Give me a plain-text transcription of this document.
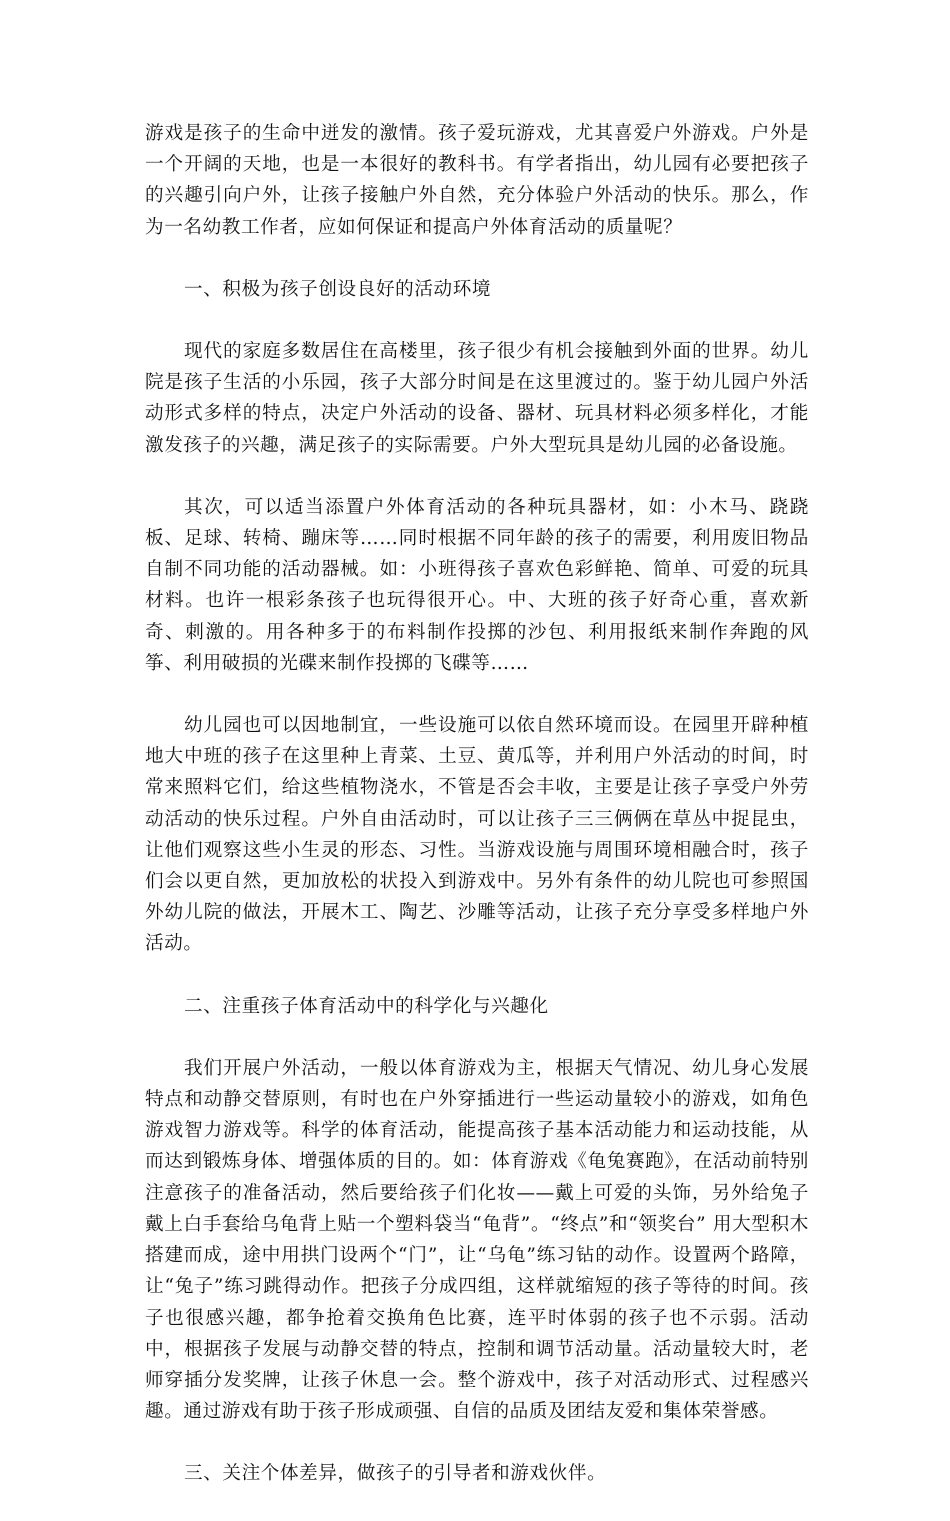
游戏是孩子的生命中迸发的激情。孩子爱玩游戏，尤其喜爱户外游戏。户外是一个开阔的天地，也是一本很好的教科书。有学者指出，幼儿园有必要把孩子的兴趣引向户外，让孩子接触户外自然，充分体验户外活动的快乐。那么，作为一名幼教工作者，应如何保证和提高户外体育活动的质量呢？

一、积极为孩子创设良好的活动环境

现代的家庭多数居住在高楼里，孩子很少有机会接触到外面的世界。幼儿院是孩子生活的小乐园，孩子大部分时间是在这里渡过的。鉴于幼儿园户外活动形式多样的特点，决定户外活动的设备、器材、玩具材料必须多样化，才能激发孩子的兴趣，满足孩子的实际需要。户外大型玩具是幼儿园的必备设施。

其次，可以适当添置户外体育活动的各种玩具器材，如：小木马、跷跷板、足球、转椅、蹦床等……同时根据不同年龄的孩子的需要，利用废旧物品自制不同功能的活动器械。如：小班得孩子喜欢色彩鲜艳、简单、可爱的玩具材料。也许一根彩条孩子也玩得很开心。中、大班的孩子好奇心重，喜欢新奇、刺激的。用各种多于的布料制作投掷的沙包、利用报纸来制作奔跑的风筝、利用破损的光碟来制作投掷的飞碟等……

幼儿园也可以因地制宜，一些设施可以依自然环境而设。在园里开辟种植地大中班的孩子在这里种上青菜、土豆、黄瓜等，并利用户外活动的时间，时常来照料它们，给这些植物浇水，不管是否会丰收，主要是让孩子享受户外劳动活动的快乐过程。户外自由活动时，可以让孩子三三俩俩在草丛中捉昆虫，让他们观察这些小生灵的形态、习性。当游戏设施与周围环境相融合时，孩子们会以更自然，更加放松的状投入到游戏中。另外有条件的幼儿院也可参照国外幼儿院的做法，开展木工、陶艺、沙雕等活动，让孩子充分享受多样地户外活动。

二、注重孩子体育活动中的科学化与兴趣化

我们开展户外活动，一般以体育游戏为主，根据天气情况、幼儿身心发展特点和动静交替原则，有时也在户外穿插进行一些运动量较小的游戏，如角色游戏智力游戏等。科学的体育活动，能提高孩子基本活动能力和运动技能，从而达到锻炼身体、增强体质的目的。如：体育游戏《龟兔赛跑》，在活动前特别注意孩子的准备活动，然后要给孩子们化妆——戴上可爱的头饰，另外给兔子戴上白手套给乌龟背上贴一个塑料袋当“龟背”。“终点”和“领奖台” 用大型积木搭建而成，途中用拱门设两个“门”，让“乌龟”练习钻的动作。设置两个路障，让“兔子”练习跳得动作。把孩子分成四组，这样就缩短的孩子等待的时间。孩子也很感兴趣，都争抢着交换角色比赛，连平时体弱的孩子也不示弱。活动中，根据孩子发展与动静交替的特点，控制和调节活动量。活动量较大时，老师穿插分发奖牌，让孩子休息一会。整个游戏中，孩子对活动形式、过程感兴趣。通过游戏有助于孩子形成顽强、自信的品质及团结友爱和集体荣誉感。

三、关注个体差异，做孩子的引导者和游戏伙伴。
